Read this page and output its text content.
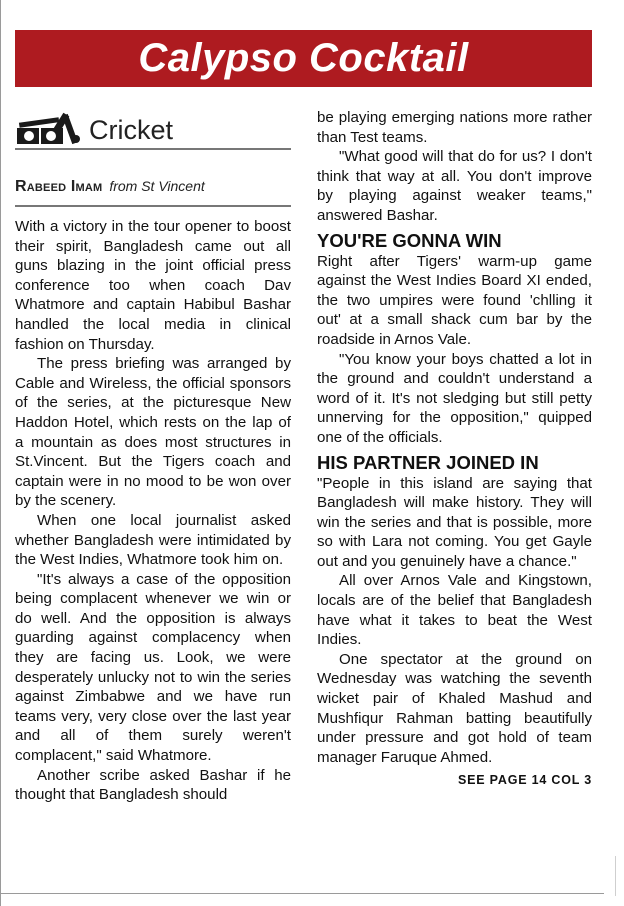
Calypso Cocktail
Cricket
Rabeed Imam from St Vincent

With a victory in the tour opener to boost their spirit, Bangladesh came out all guns blazing in the joint official press conference too when coach Dav Whatmore and captain Habibul Bashar handled the local media in clinical fashion on Thursday.

The press briefing was arranged by Cable and Wireless, the official sponsors of the series, at the picturesque New Haddon Hotel, which rests on the lap of a mountain as does most structures in St.Vincent. But the Tigers coach and captain were in no mood to be won over by the scenery.

When one local journalist asked whether Bangladesh were intimidated by the West Indies, Whatmore took him on.

"It's always a case of the opposition being complacent whenever we win or do well. And the opposition is always guarding against complacency when they are facing us. Look, we were desperately unlucky not to win the series against Zimbabwe and we have run teams very, very close over the last year and all of them surely weren't complacent," said Whatmore.

Another scribe asked Bashar if he thought that Bangladesh should

be playing emerging nations more rather than Test teams.

"What good will that do for us? I don't think that way at all. You don't improve by playing against weaker teams," answered Bashar.

YOU'RE GONNA WIN

Right after Tigers' warm-up game against the West Indies Board XI ended, the two umpires were found 'chlling it out' at a small shack cum bar by the roadside in Arnos Vale.

"You know your boys chatted a lot in the ground and couldn't understand a word of it. It's not sledging but still petty unnerving for the opposition," quipped one of the officials.

HIS PARTNER JOINED IN

"People in this island are saying that Bangladesh will make history. They will win the series and that is possible, more so with Lara not coming. You get Gayle out and you genuinely have a chance."

All over Arnos Vale and Kingstown, locals are of the belief that Bangladesh have what it takes to beat the West Indies.

One spectator at the ground on Wednesday was watching the seventh wicket pair of Khaled Mashud and Mushfiqur Rahman batting beautifully under pressure and got hold of team manager Faruque Ahmed.

SEE PAGE 14 COL 3
